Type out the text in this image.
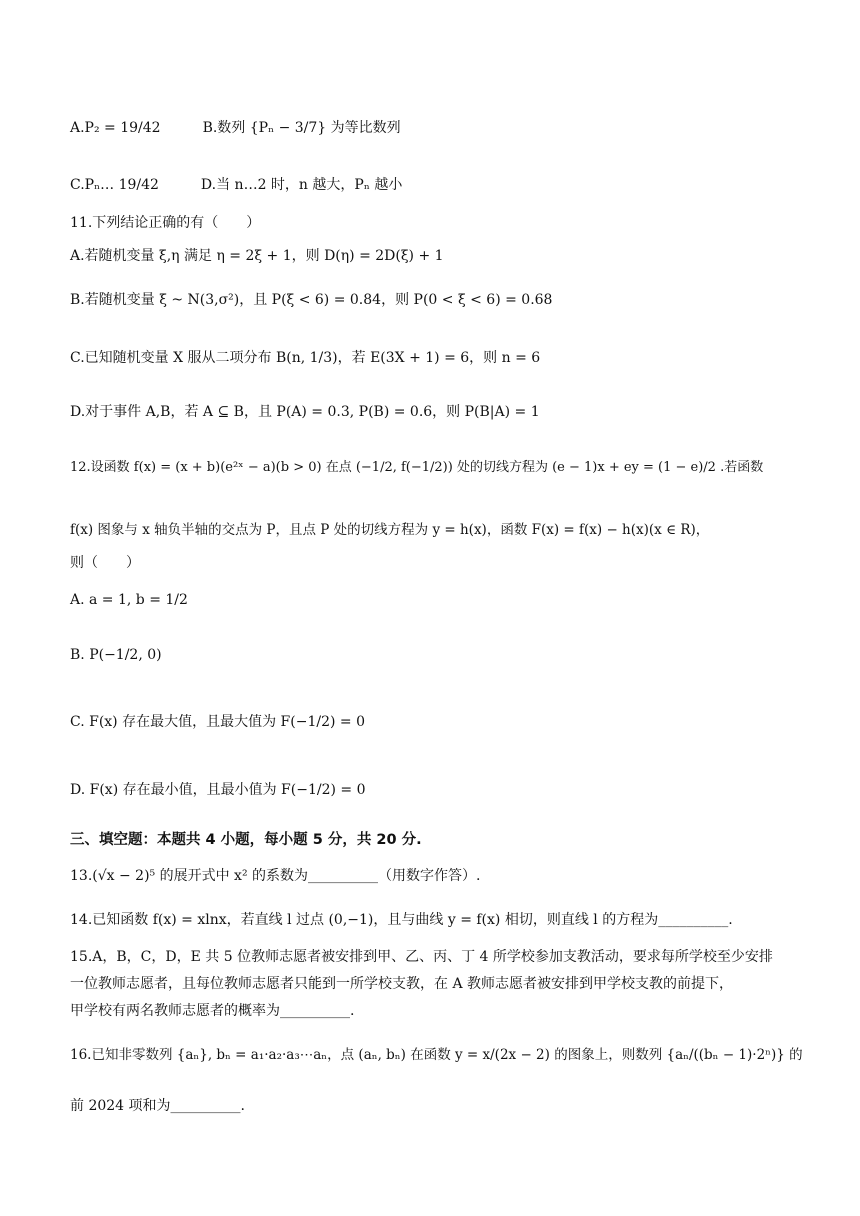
A.P₂ = 19/42　　　B.数列 {Pₙ − 3/7} 为等比数列
C.Pₙ… 19/42　　　D.当 n…2 时，n 越大，Pₙ 越小
11.下列结论正确的有（　　）
A.若随机变量 ξ,η 满足 η = 2ξ + 1，则 D(η) = 2D(ξ) + 1
B.若随机变量 ξ ~ N(3,σ²)，且 P(ξ < 6) = 0.84，则 P(0 < ξ < 6) = 0.68
C.已知随机变量 X 服从二项分布 B(n, 1/3)，若 E(3X + 1) = 6，则 n = 6
D.对于事件 A,B，若 A ⊆ B，且 P(A) = 0.3, P(B) = 0.6，则 P(B|A) = 1
12.设函数 f(x) = (x + b)(e²ˣ − a)(b > 0) 在点 (−1/2, f(−1/2)) 处的切线方程为 (e − 1)x + ey = (1 − e)/2 .若函数
f(x) 图象与 x 轴负半轴的交点为 P，且点 P 处的切线方程为 y = h(x)，函数 F(x) = f(x) − h(x)(x ∈ R)，
则（　　）
A. a = 1, b = 1/2
B. P(−1/2, 0)
C. F(x) 存在最大值，且最大值为 F(−1/2) = 0
D. F(x) 存在最小值，且最小值为 F(−1/2) = 0
三、填空题：本题共 4 小题，每小题 5 分，共 20 分.
13.(√x − 2)⁵ 的展开式中 x² 的系数为__________（用数字作答）.
14.已知函数 f(x) = xlnx，若直线 l 过点 (0,−1)，且与曲线 y = f(x) 相切，则直线 l 的方程为__________.
15.A，B，C，D，E 共 5 位教师志愿者被安排到甲、乙、丙、丁 4 所学校参加支教活动，要求每所学校至少安排
一位教师志愿者，且每位教师志愿者只能到一所学校支教，在 A 教师志愿者被安排到甲学校支教的前提下，
甲学校有两名教师志愿者的概率为__________.
16.已知非零数列 {aₙ}, bₙ = a₁·a₂·a₃⋯aₙ，点 (aₙ, bₙ) 在函数 y = x/(2x − 2) 的图象上，则数列 {aₙ/((bₙ − 1)·2ⁿ)} 的
前 2024 项和为__________.
